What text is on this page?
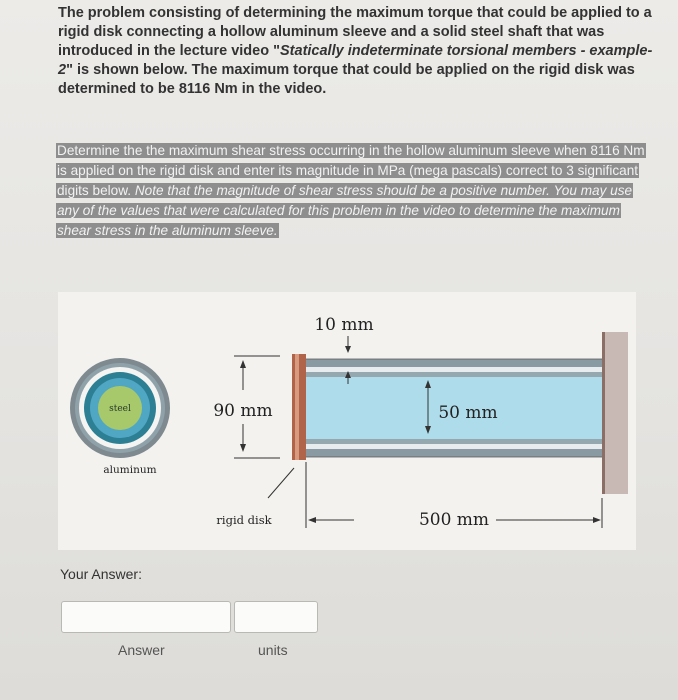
The problem consisting of determining the maximum torque that could be applied to a rigid disk connecting a hollow aluminum sleeve and a solid steel shaft that was introduced in the lecture video "Statically indeterminate torsional members - example-2" is shown below. The maximum torque that could be applied on the rigid disk was determined to be 8116 Nm in the video.
Determine the the maximum shear stress occurring in the hollow aluminum sleeve when 8116 Nm is applied on the rigid disk and enter its magnitude in MPa (mega pascals) correct to 3 significant digits below. Note that the magnitude of shear stress should be a positive number. You may use any of the values that were calculated for this problem in the video to determine the maximum shear stress in the aluminum sleeve.
steel
aluminum
90 mm
rigid disk
10 mm
50 mm
500 mm
Your Answer:
Answer	units
